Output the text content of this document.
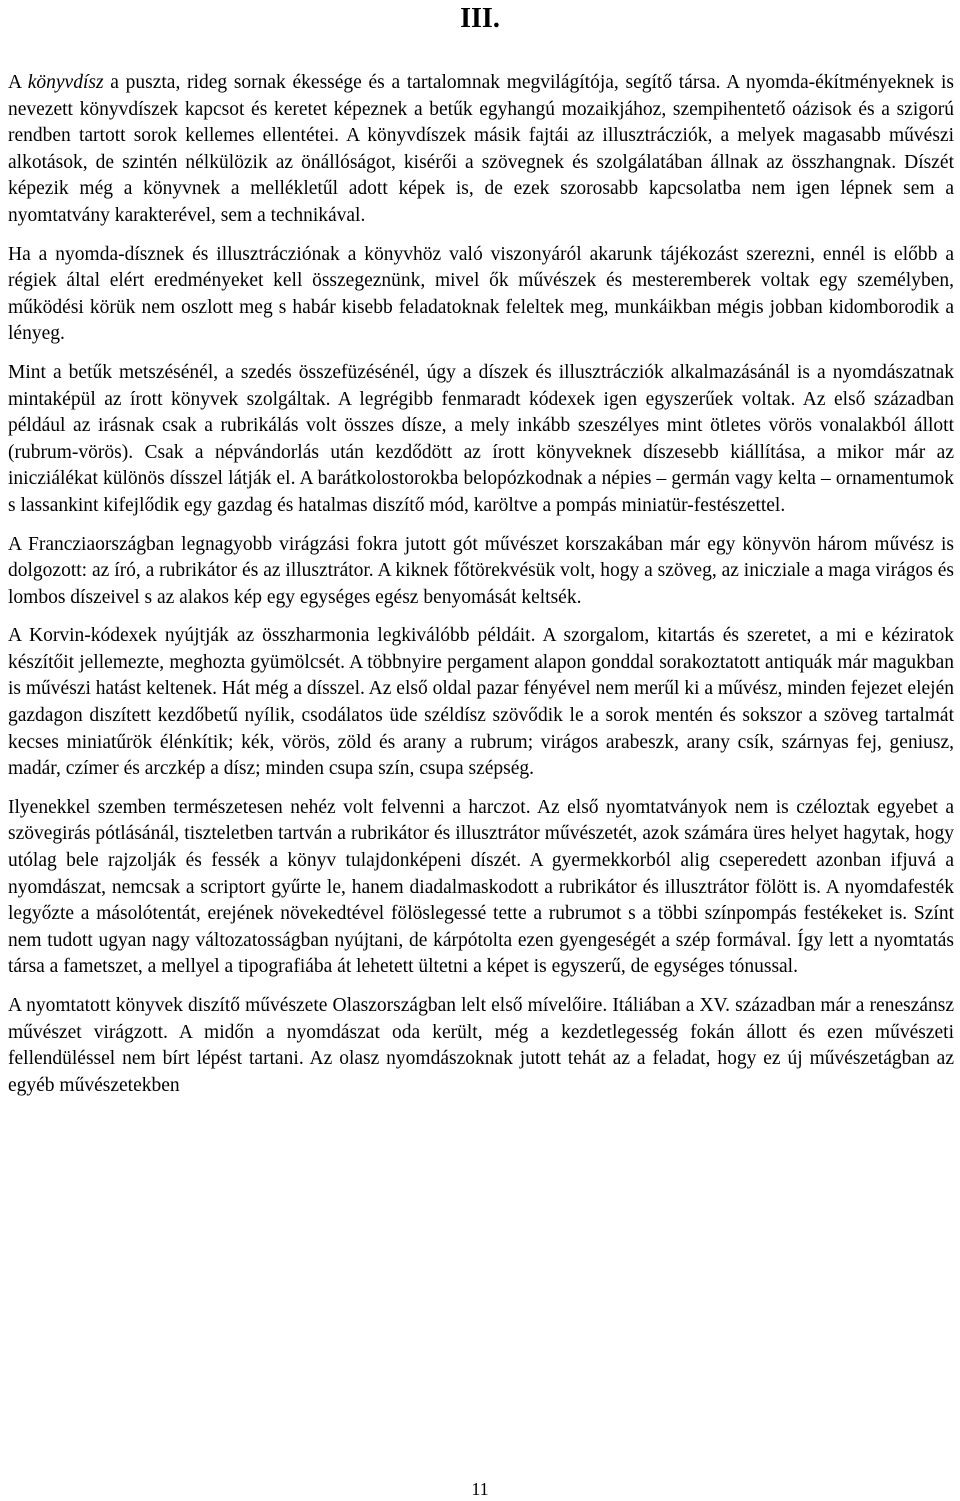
III.

A könyvdísz a puszta, rideg sornak ékessége és a tartalomnak megvilágítója, segítő társa. A nyomda-ékítményeknek is nevezett könyvdíszek kapcsot és keretet képeznek a betűk egyhangú mozaikjához, szempihentető oázisok és a szigorú rendben tartott sorok kellemes ellentétei. A könyvdíszek másik fajtái az illusztrácziók, a melyek magasabb művészi alkotások, de szintén nélkülözik az önállóságot, kisérői a szövegnek és szolgálatában állnak az összhangnak. Díszét képezik még a könyvnek a mellékletűl adott képek is, de ezek szorosabb kapcsolatba nem igen lépnek sem a nyomtatvány karakterével, sem a technikával.

Ha a nyomda-dísznek és illusztrácziónak a könyvhöz való viszonyáról akarunk tájékozást szerezni, ennél is előbb a régiek által elért eredményeket kell összegeznünk, mivel ők művészek és mesteremberek voltak egy személyben, működési körük nem oszlott meg s habár kisebb feladatoknak feleltek meg, munkáikban mégis jobban kidomborodik a lényeg.

Mint a betűk metszésénél, a szedés összefüzésénél, úgy a díszek és illusztrácziók alkalmazásánál is a nyomdászatnak mintaképül az írott könyvek szolgáltak. A legrégibb fenmaradt kódexek igen egyszerűek voltak. Az első században például az irásnak csak a rubrikálás volt összes dísze, a mely inkább szeszélyes mint ötletes vörös vonalakból állott (rubrum-vörös). Csak a népvándorlás után kezdődött az írott könyveknek díszesebb kiállítása, a mikor már az inicziálékat különös dísszel látják el. A barátkolostorokba belopózkodnak a népies – germán vagy kelta – ornamentumok s lassankint kifejlődik egy gazdag és hatalmas diszítő mód, karöltve a pompás miniatür-festészettel.

A Francziaországban legnagyobb virágzási fokra jutott gót művészet korszakában már egy könyvön három művész is dolgozott: az író, a rubrikátor és az illusztrátor. A kiknek főtörekvésük volt, hogy a szöveg, az inicziale a maga virágos és lombos díszeivel s az alakos kép egy egységes egész benyomását keltsék.

A Korvin-kódexek nyújtják az összharmonia legkiválóbb példáit. A szorgalom, kitartás és szeretet, a mi e kéziratok készítőit jellemezte, meghozta gyümölcsét. A többnyire pergament alapon gonddal sorakoztatott antiquák már magukban is művészi hatást keltenek. Hát még a dísszel. Az első oldal pazar fényével nem merűl ki a művész, minden fejezet elején gazdagon diszített kezdőbetű nyílik, csodálatos üde széldísz szövődik le a sorok mentén és sokszor a szöveg tartalmát kecses miniatűrök élénkítik; kék, vörös, zöld és arany a rubrum; virágos arabeszk, arany csík, szárnyas fej, geniusz, madár, czímer és arczkép a dísz; minden csupa szín, csupa szépség.

Ilyenekkel szemben természetesen nehéz volt felvenni a harczot. Az első nyomtatványok nem is czéloztak egyebet a szövegirás pótlásánál, tiszteletben tartván a rubrikátor és illusztrátor művészetét, azok számára üres helyet hagytak, hogy utólag bele rajzolják és fessék a könyv tulajdonképeni díszét. A gyermekkorból alig cseperedett azonban ifjuvá a nyomdászat, nemcsak a scriptort gyűrte le, hanem diadalmaskodott a rubrikátor és illusztrátor fölött is. A nyomdafesték legyőzte a másolótentát, erejének növekedtével fölöslegessé tette a rubrumot s a többi színpompás festékeket is. Színt nem tudott ugyan nagy változatosságban nyújtani, de kárpótolta ezen gyengeségét a szép formával. Így lett a nyomtatás társa a fametszet, a mellyel a tipografiába át lehetett ültetni a képet is egyszerű, de egységes tónussal.

A nyomtatott könyvek diszítő művészete Olaszországban lelt első mívelőire. Itáliában a XV. században már a reneszánsz művészet virágzott. A midőn a nyomdászat oda került, még a kezdetlegesség fokán állott és ezen művészeti fellendüléssel nem bírt lépést tartani. Az olasz nyomdászoknak jutott tehát az a feladat, hogy ez új művészetágban az egyéb művészetekben

11
